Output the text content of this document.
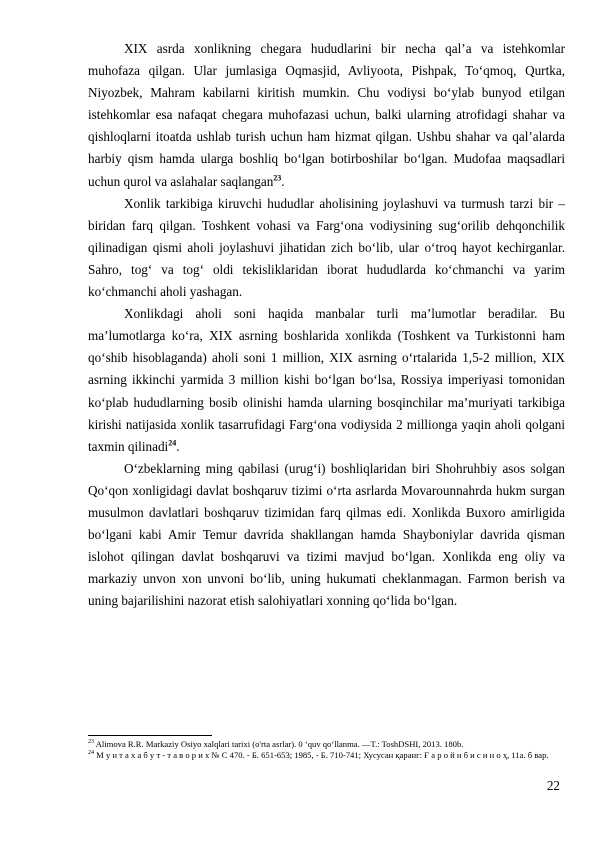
XIX asrda xonlikning chegara hududlarini bir necha qal’a va istehkomlar muhofaza qilgan. Ular jumlasiga Oqmasjid, Avliyoota, Pishpak, To‘qmoq, Qurtka, Niyozbek, Mahram kabilarni kiritish mumkin. Chu vodiysi bo‘ylab bunyod etilgan istehkomlar esa nafaqat chegara muhofazasi uchun, balki ularning atrofidagi shahar va qishloqlarni itoatda ushlab turish uchun ham hizmat qilgan. Ushbu shahar va qal’alarda harbiy qism hamda ularga boshliq bo‘lgan botirboshilar bo‘lgan. Mudofaa maqsadlari uchun qurol va aslahalar saqlangan$^{23}$.

Xonlik tarkibiga kiruvchi hududlar aholisining joylashuvi va turmush tarzi bir – biridan farq qilgan. Toshkent vohasi va Farg‘ona vodiysining sug‘orilib dehqonchilik qilinadigan qismi aholi joylashuvi jihatidan zich bo‘lib, ular o‘troq hayot kechirganlar. Sahro, tog‘ va tog‘ oldi tekisliklaridan iborat hududlarda ko‘chmanchi va yarim ko‘chmanchi aholi yashagan.

Xonlikdagi aholi soni haqida manbalar turli ma’lumotlar beradilar. Bu ma’lumotlarga ko‘ra, XIX asrning boshlarida xonlikda (Toshkent va Turkistonni ham qo‘shib hisoblaganda) aholi soni 1 million, XIX asrning o‘rtalarida 1,5-2 million, XIX asrning ikkinchi yarmida 3 million kishi bo‘lgan bo‘lsa, Rossiya imperiyasi tomonidan ko‘plab hududlarning bosib olinishi hamda ularning bosqinchilar ma’muriyati tarkibiga kirishi natijasida xonlik tasarrufidagi Farg‘ona vodiysida 2 millionga yaqin aholi qolgani taxmin qilinadi$^{24}$.

O‘zbeklarning ming qabilasi (urug‘i) boshliqlaridan biri Shohruhbiy asos solgan Qo‘qon xonligidagi davlat boshqaruv tizimi o‘rta asrlarda Movarounnahrda hukm surgan musulmon davlatlari boshqaruv tizimidan farq qilmas edi. Xonlikda Buxoro amirligida bo‘lgani kabi Amir Temur davrida shakllangan hamda Shayboniylar davrida qisman islohot qilingan davlat boshqaruvi va tizimi mavjud bo‘lgan. Xonlikda eng oliy va markaziy unvon xon unvoni bo‘lib, uning hukumati cheklanmagan. Farmon berish va uning bajarilishini nazorat etish salohiyatlari xonning qo‘lida bo‘lgan.

$^{23}$ Alimova R.R. Markaziy Osiyo xalqlari tarixi (o'rta asrlar). 0 ‘quv qo‘llanma. —T.: ToshDSHI, 2013. 180b.

$^{24}$ М у н т а х а б у т - т а в о р и х № С 470. - Б. 651-653; 1985, - Б. 710-741; Хусусан қаранг: Ғ а р о й и б и с и н о ҳ, 11а. б вар.

22
